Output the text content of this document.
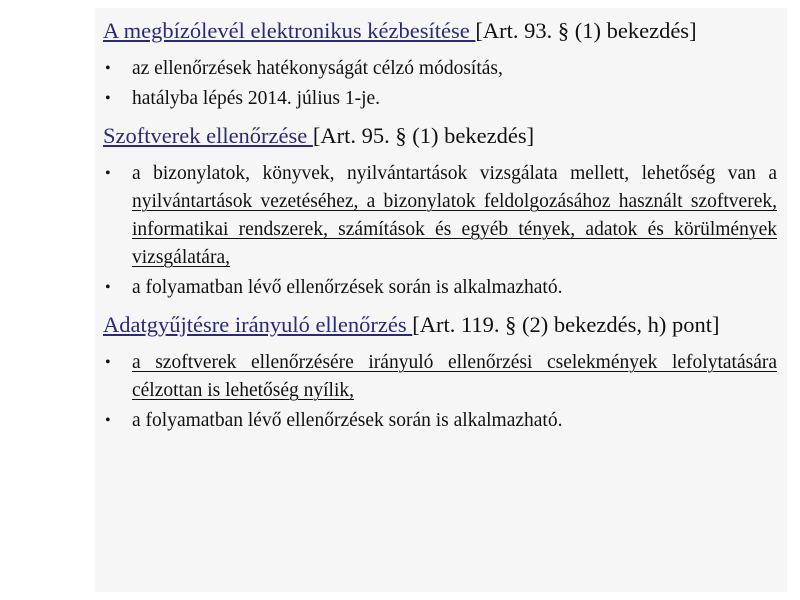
A megbízólevél elektronikus kézbesítése [Art. 93. § (1) bekezdés]
• az ellenőrzések hatékonyságát célzó módosítás,
• hatályba lépés 2014. július 1-je.
Szoftverek ellenőrzése [Art. 95. § (1) bekezdés]
• a bizonylatok, könyvek, nyilvántartások vizsgálata mellett, lehetőség van a nyilvántartások vezetéséhez, a bizonylatok feldolgozásához használt szoftverek, informatikai rendszerek, számítások és egyéb tények, adatok és körülmények vizsgálatára,
• a folyamatban lévő ellenőrzések során is alkalmazható.
Adatgyűjtésre irányuló ellenőrzés [Art. 119. § (2) bekezdés, h) pont]
• a szoftverek ellenőrzésére irányuló ellenőrzési cselekmények lefolytatására célzottan is lehetőség nyílik,
• a folyamatban lévő ellenőrzések során is alkalmazható.
